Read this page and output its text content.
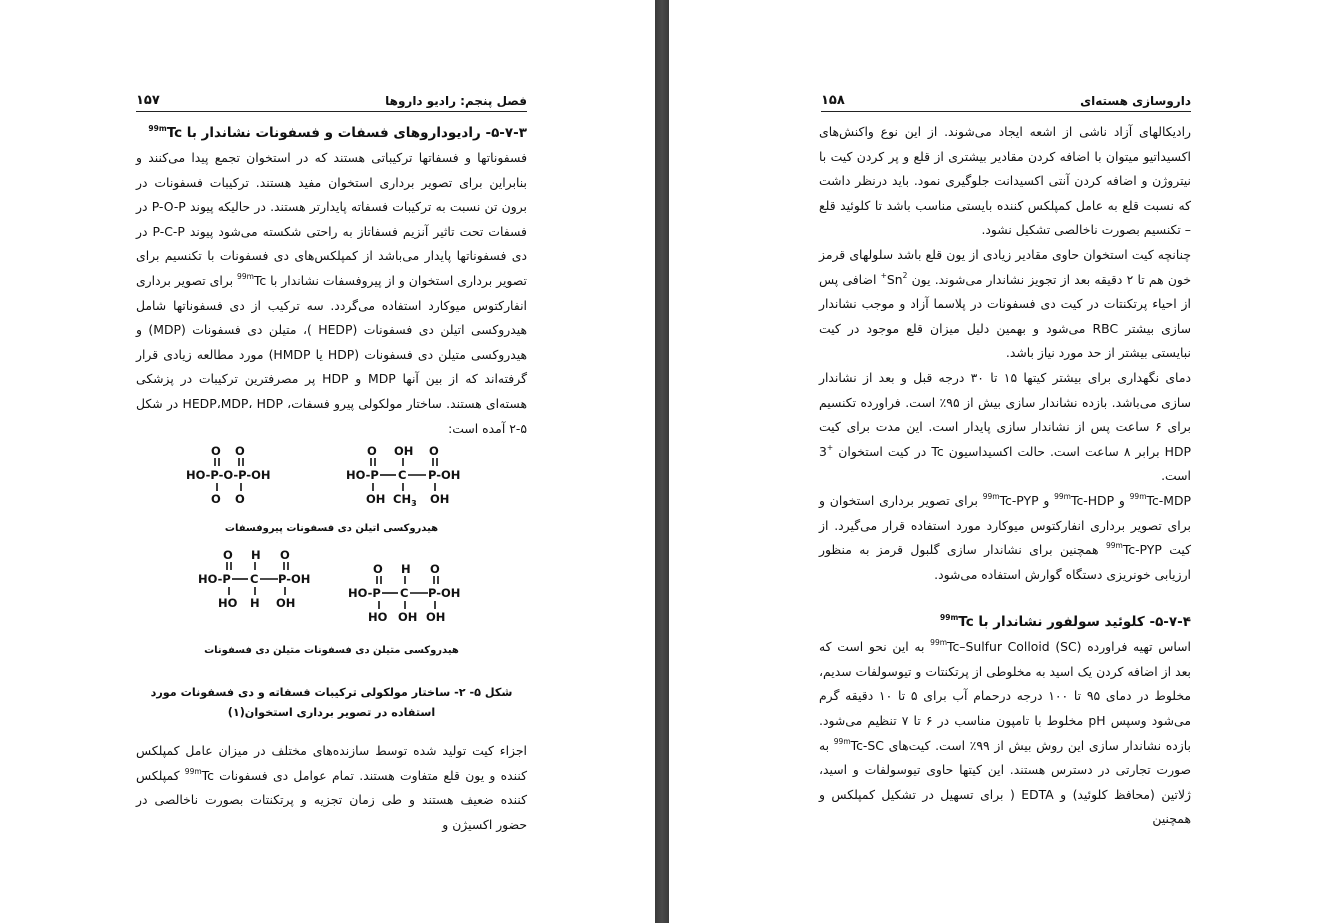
فصل پنجم: رادیو داروها
۱۵۷

۵-۷-۳- رادیوداروهای فسفات و فسفونات نشاندار با $^{99m}$Tc

فسفوناتها و فسفاتها ترکیباتی هستند که در استخوان تجمع پیدا می‌کنند و بنابراین برای تصویر برداری استخوان مفید هستند. ترکیبات فسفونات در برون تن نسبت به ترکیبات فسفاته پایدارتر هستند. در حالیکه پیوند P-O-P در فسفات تحت تاثیر آنزیم فسفاتاز به راحتی شکسته می‌شود پیوند P-C-P در دی فسفوناتها پایدار می‌باشد از کمپلکس‌های دی فسفونات با تکنسیم برای تصویر برداری استخوان و از پیروفسفات نشاندار با $^{99m}$Tc برای تصویر برداری انفارکتوس میوکارد استفاده می‌گردد. سه ترکیب از دی فسفوناتها شامل هیدروکسی اتیلن دی فسفونات (HEDP )، متیلن دی فسفونات (MDP) و هیدروکسی متیلن دی فسفونات (HDP یا HMDP) مورد مطالعه زیادی قرار گرفته‌اند که از بین آنها MDP و HDP پر مصرفترین ترکیبات در پزشکی هسته‌ای هستند. ساختار مولکولی پیرو فسفات، HEDP،MDP، HDP در شکل ۵-۲ آمده است:

O O
HO-P-O-P-OH
O O
O OH O
HO-P C P-OH
OH $CH_3$ OH
هیدروکسی اتیلن دی فسفونات پیروفسفات
O H O
HO-P C P-OH
HO H OH
O H O
HO-P C P-OH
HO OH OH
هیدروکسی متیلن دی فسفونات متیلن دی فسفونات

شکل ۵- ۲- ساختار مولکولی ترکیبات فسفاته و دی فسفونات مورد استفاده در تصویر برداری استخوان(۱)

اجزاء کیت تولید شده توسط سازنده‌های مختلف در میزان عامل کمپلکس کننده و یون قلع متفاوت هستند. تمام عوامل دی فسفونات $^{99m}$Tc کمپلکس کننده ضعیف هستند و طی زمان تجزیه و پرتکنتات بصورت ناخالصی در حضور اکسیژن و

داروسازی هسته‌ای
۱۵۸

رادیکالهای آزاد ناشی از اشعه ایجاد می‌شوند. از این نوع واکنش‌های اکسیداتیو میتوان با اضافه کردن مقادیر بیشتری از قلع و پر کردن کیت با نیتروژن و اضافه کردن آنتی اکسیدانت جلوگیری نمود. باید درنظر داشت که نسبت قلع به عامل کمپلکس کننده بایستی مناسب باشد تا کلوئید قلع – تکنسیم بصورت ناخالصی تشکیل نشود.

چنانچه کیت استخوان حاوی مقادیر زیادی از یون قلع باشد سلولهای قرمز خون هم تا ۲ دقیقه بعد از تجویز نشاندار می‌شوند. یون $Sn^{2+}$ اضافی پس از احیاء پرتکنتات در کیت دی فسفونات در پلاسما آزاد و موجب نشاندار سازی بیشتر RBC می‌شود و بهمین دلیل میزان قلع موجود در کیت نبایستی بیشتر از حد مورد نیاز باشد.

دمای نگهداری برای بیشتر کیتها ۱۵ تا ۳۰ درجه قبل و بعد از نشاندار سازی می‌باشد. بازده نشاندار سازی بیش از ۹۵٪ است. فراورده تکنسیم برای ۶ ساعت پس از نشاندار سازی پایدار است. این مدت برای کیت HDP برابر ۸ ساعت است. حالت اکسیداسیون Tc در کیت استخوان +3 است.

$^{99m}$Tc-MDP و $^{99m}$Tc-HDP و $^{99m}$Tc-PYP برای تصویر برداری استخوان و برای تصویر برداری انفارکتوس میوکارد مورد استفاده قرار می‌گیرد. از کیت $^{99m}$Tc-PYP همچنین برای نشاندار سازی گلبول قرمز به منظور ارزیابی خونریزی دستگاه گوارش استفاده می‌شود.

۵-۷-۴- کلوئید سولفور نشاندار با $^{99m}$Tc

اساس تهیه فراورده $^{99m}$Tc–Sulfur Colloid (SC) به این نحو است که بعد از اضافه کردن یک اسید به مخلوطی از پرتکنتات و تیوسولفات سدیم، مخلوط در دمای ۹۵ تا ۱۰۰ درجه درحمام آب برای ۵ تا ۱۰ دقیقه گرم می‌شود وسپس pH مخلوط با تامپون مناسب در ۶ تا ۷ تنظیم می‌شود. بازده نشاندار سازی این روش بیش از ۹۹٪ است. کیت‌های $^{99m}$Tc-SC به صورت تجارتی در دسترس هستند. این کیتها حاوی تیوسولفات و اسید، ژلاتین (محافظ کلوئید) و EDTA ( برای تسهیل در تشکیل کمپلکس و همچنین
